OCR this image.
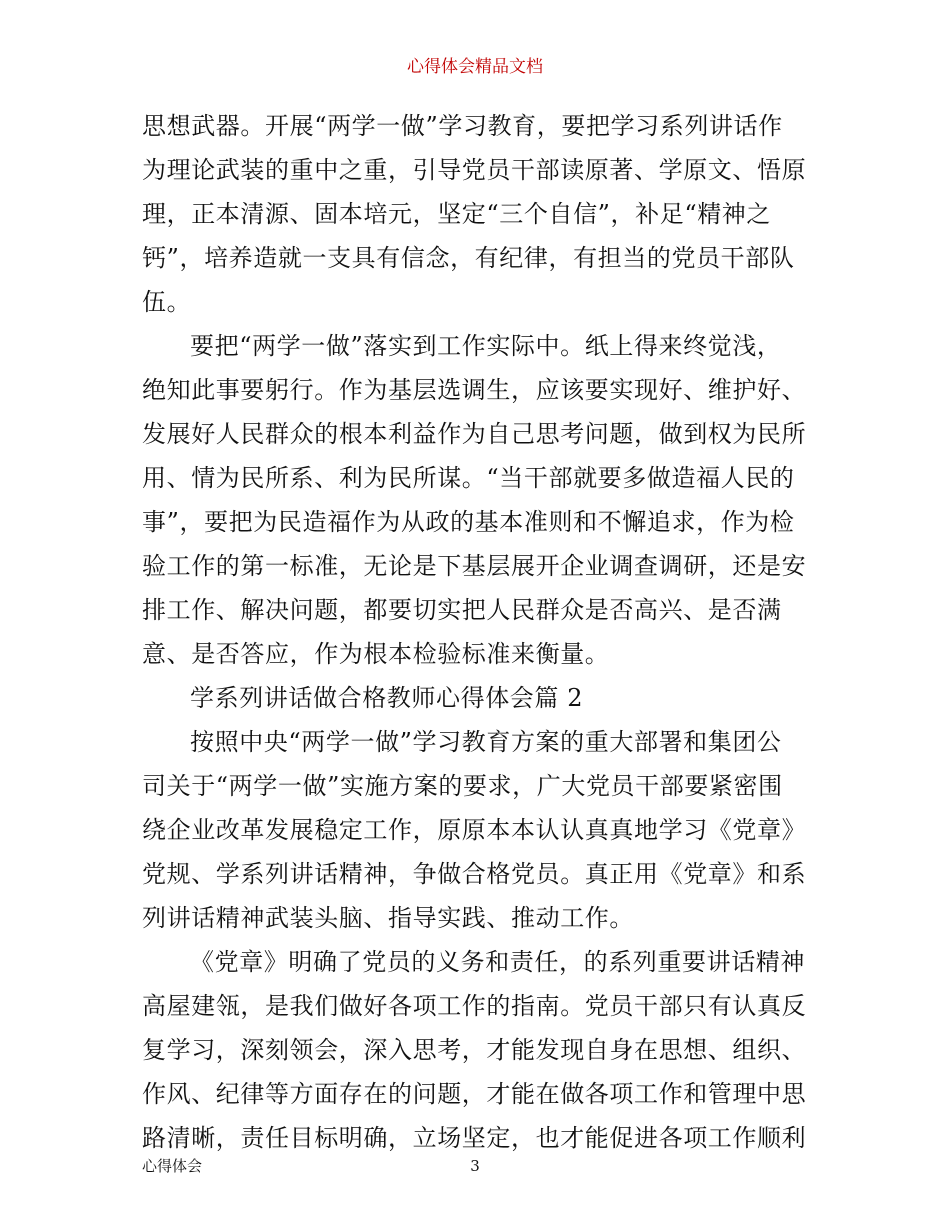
心得体会精品文档
思想武器。开展“两学一做”学习教育，要把学习系列讲话作
为理论武装的重中之重，引导党员干部读原著、学原文、悟原
理，正本清源、固本培元，坚定“三个自信”，补足“精神之
钙”，培养造就一支具有信念，有纪律，有担当的党员干部队
伍。
要把“两学一做”落实到工作实际中。纸上得来终觉浅，
绝知此事要躬行。作为基层选调生，应该要实现好、维护好、
发展好人民群众的根本利益作为自己思考问题，做到权为民所
用、情为民所系、利为民所谋。“当干部就要多做造福人民的
事”，要把为民造福作为从政的基本准则和不懈追求，作为检
验工作的第一标准，无论是下基层展开企业调查调研，还是安
排工作、解决问题，都要切实把人民群众是否高兴、是否满
意、是否答应，作为根本检验标准来衡量。
学系列讲话做合格教师心得体会篇 2
按照中央“两学一做”学习教育方案的重大部署和集团公
司关于“两学一做”实施方案的要求，广大党员干部要紧密围
绕企业改革发展稳定工作，原原本本认认真真地学习《党章》
党规、学系列讲话精神，争做合格党员。真正用《党章》和系
列讲话精神武装头脑、指导实践、推动工作。
《党章》明确了党员的义务和责任，的系列重要讲话精神
高屋建瓴，是我们做好各项工作的指南。党员干部只有认真反
复学习，深刻领会，深入思考，才能发现自身在思想、组织、
作风、纪律等方面存在的问题，才能在做各项工作和管理中思
路清晰，责任目标明确，立场坚定，也才能促进各项工作顺利
心得体会	3
